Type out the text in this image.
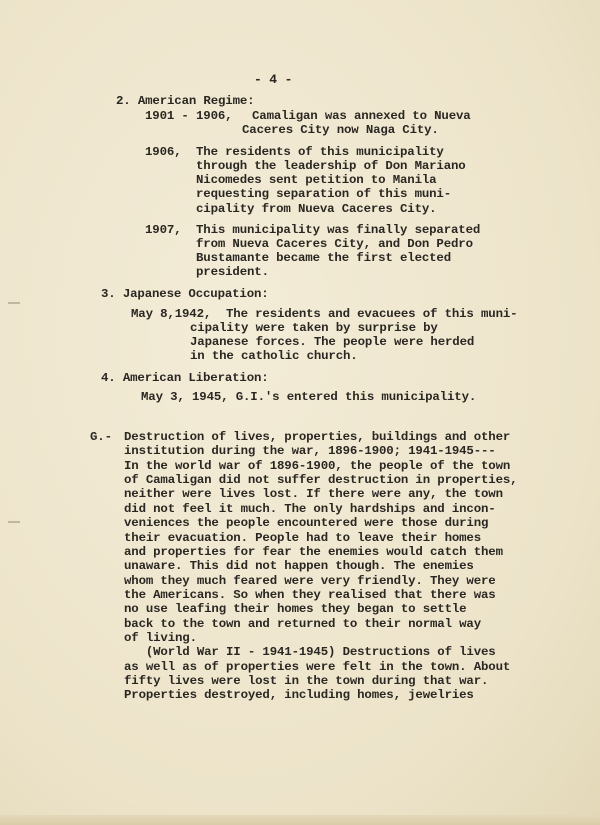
- 4 -
2. American Regime:
1901 - 1906, Camaligan was annexed to Nueva
Caceres City now Naga City.
1906, The residents of this municipality
through the leadership of Don Mariano
Nicomedes sent petition to Manila
requesting separation of this muni-
cipality from Nueva Caceres City.
1907, This municipality was finally separated
from Nueva Caceres City, and Don Pedro
Bustamante became the first elected
president.
3. Japanese Occupation:
May 8,1942, The residents and evacuees of this muni-
cipality were taken by surprise by
Japanese forces. The people were herded
in the catholic church.
4. American Liberation:
May 3, 1945, G.I.'s entered this municipality.
G.- Destruction of lives, properties, buildings and other
institution during the war, 1896-1900; 1941-1945---
In the world war of 1896-1900, the people of the town
of Camaligan did not suffer destruction in properties,
neither were lives lost. If there were any, the town
did not feel it much. The only hardships and incon-
veniences the people encountered were those during
their evacuation. People had to leave their homes
and properties for fear the enemies would catch them
unaware. This did not happen though. The enemies
whom they much feared were very friendly. They were
the Americans. So when they realised that there was
no use leafing their homes they began to settle
back to the town and returned to their normal way
of living.
(World War II - 1941-1945) Destructions of lives
as well as of properties were felt in the town. About
fifty lives were lost in the town during that war.
Properties destroyed, including homes, jewelries
